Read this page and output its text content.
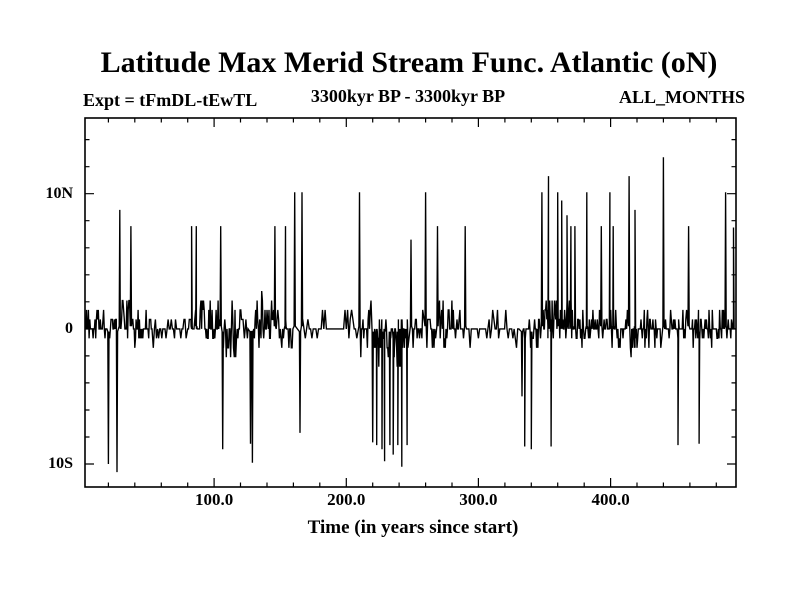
Latitude Max Merid Stream Func. Atlantic (oN)
Expt = tFmDL-tEwTL	3300kyr BP - 3300kyr BP	ALL_MONTHS
100.0	200.0	300.0	400.0
10N
0
10S
Time (in years since start)
